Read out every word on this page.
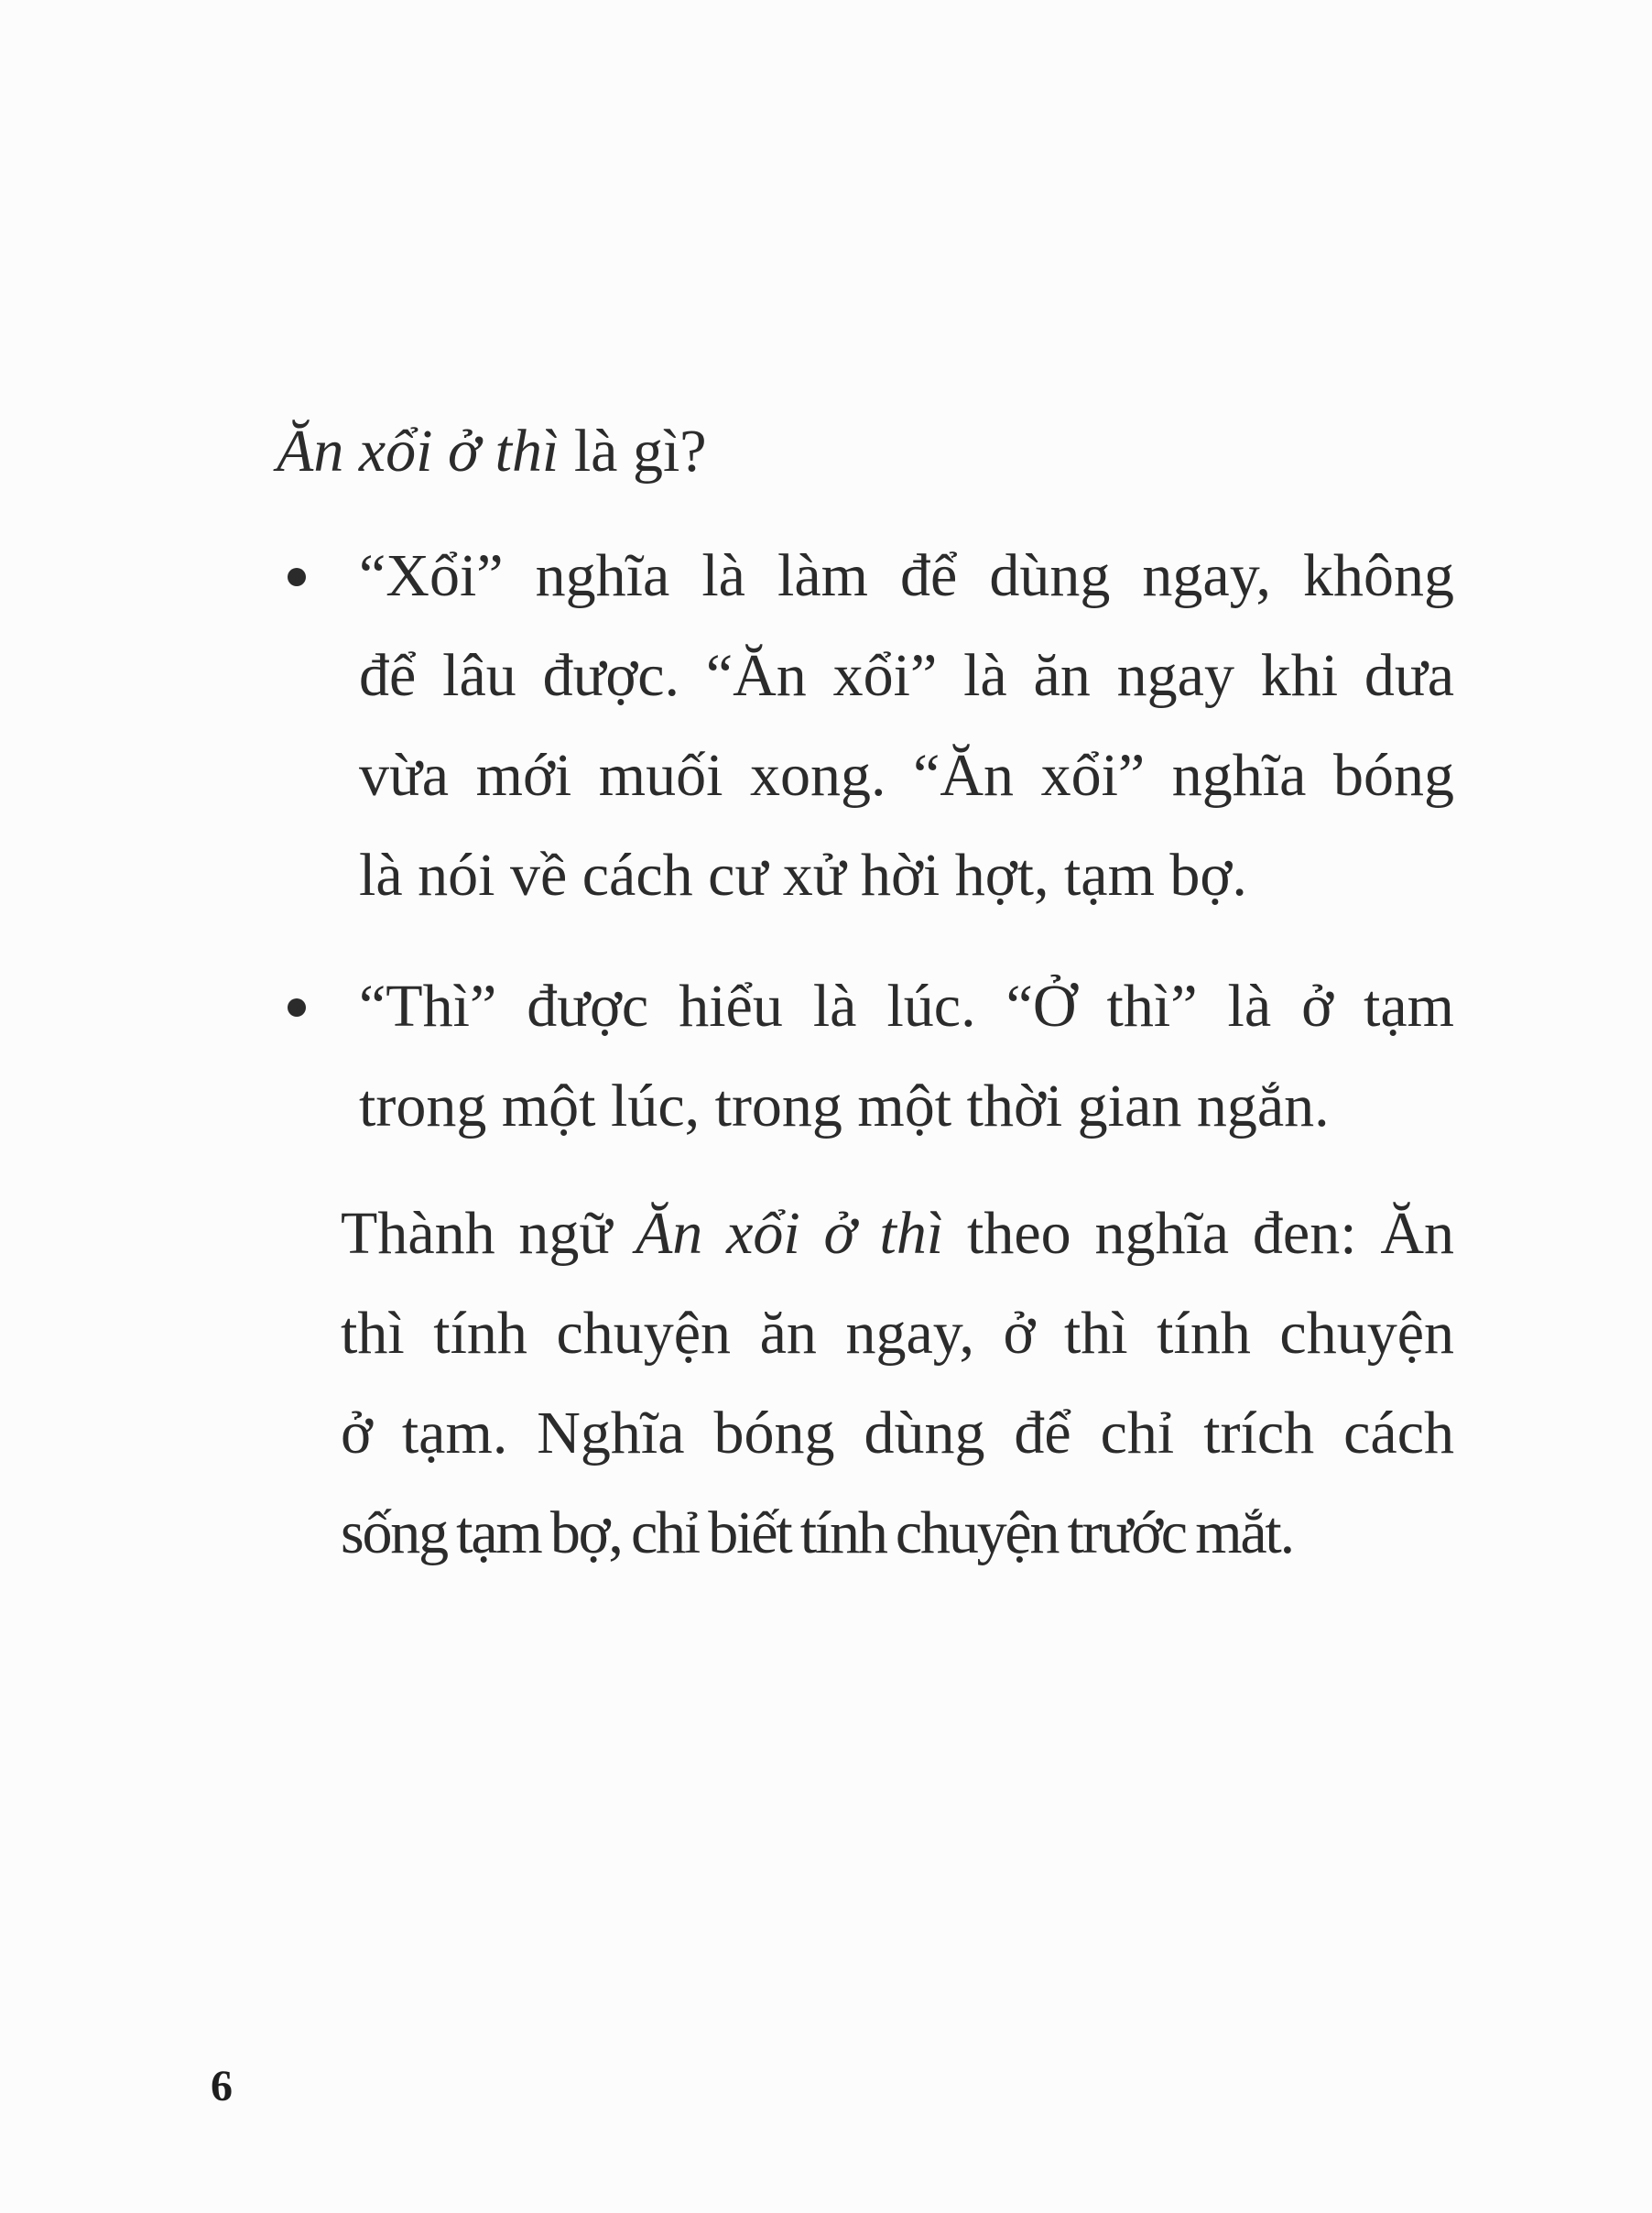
Ăn xổi ở thì là gì?
“Xổi” nghĩa là làm để dùng ngay, không
để lâu được. “Ăn xổi” là ăn ngay khi dưa
vừa mới muối xong. “Ăn xổi” nghĩa bóng
là nói về cách cư xử hời hợt, tạm bợ.
“Thì” được hiểu là lúc. “Ở thì” là ở tạm
trong một lúc, trong một thời gian ngắn.

Thành ngữ Ăn xổi ở thì theo nghĩa đen: Ăn
thì tính chuyện ăn ngay, ở thì tính chuyện
ở tạm. Nghĩa bóng dùng để chỉ trích cách
sống tạm bợ, chỉ biết tính chuyện trước mắt.

6
